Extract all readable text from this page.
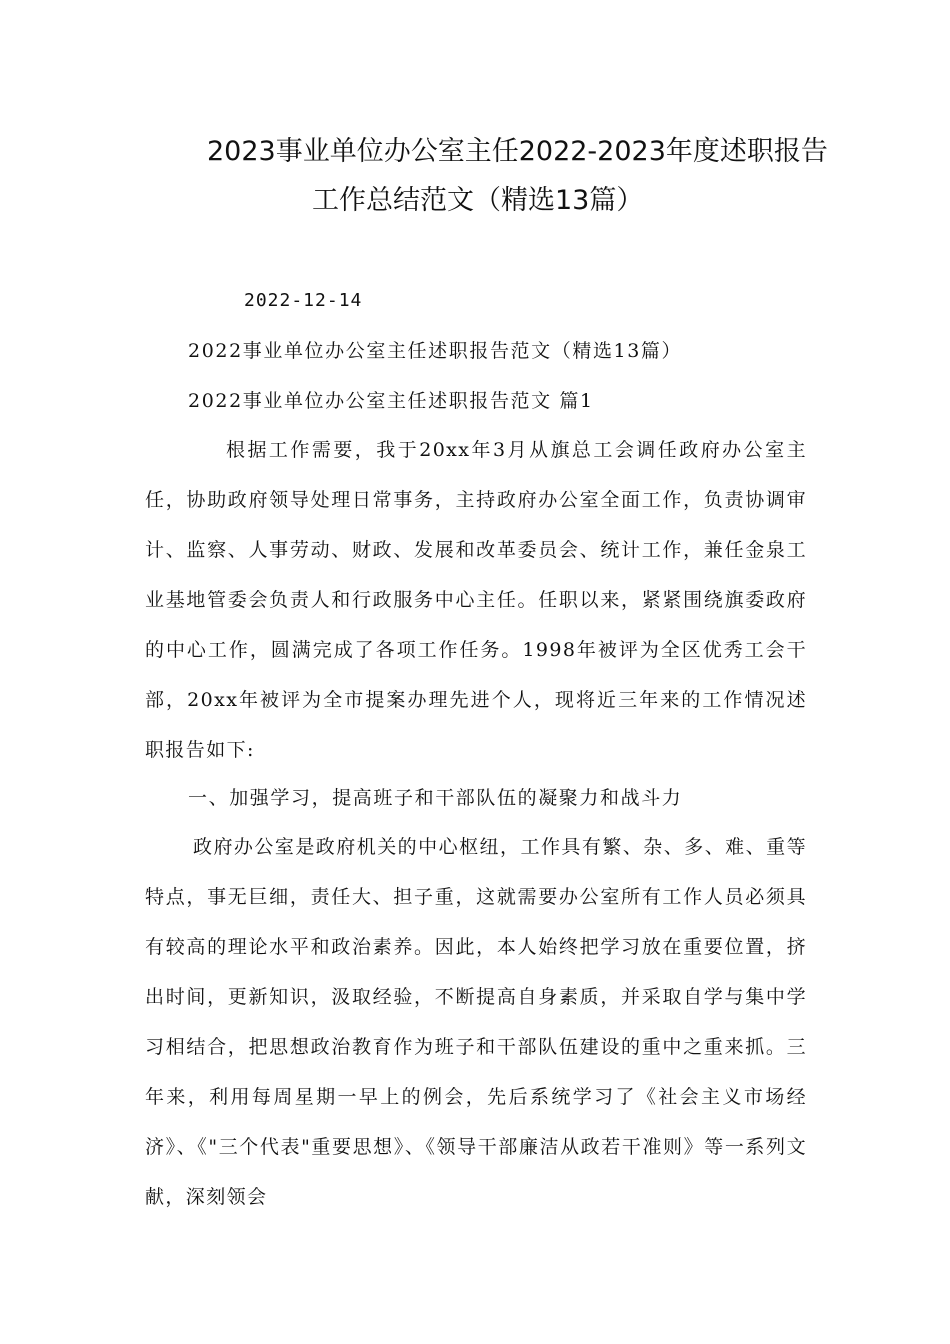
2023事业单位办公室主任2022-2023年度述职报告
工作总结范文（精选13篇）
2022-12-14
2022事业单位办公室主任述职报告范文（精选13篇）
2022事业单位办公室主任述职报告范文 篇1
根据工作需要，我于20xx年3月从旗总工会调任政府办公室主任，协助政府领导处理日常事务，主持政府办公室全面工作，负责协调审计、监察、人事劳动、财政、发展和改革委员会、统计工作，兼任金泉工业基地管委会负责人和行政服务中心主任。任职以来，紧紧围绕旗委政府的中心工作，圆满完成了各项工作任务。1998年被评为全区优秀工会干部，20xx年被评为全市提案办理先进个人，现将近三年来的工作情况述职报告如下:
一、加强学习，提高班子和干部队伍的凝聚力和战斗力
政府办公室是政府机关的中心枢纽，工作具有繁、杂、多、难、重等特点，事无巨细，责任大、担子重，这就需要办公室所有工作人员必须具有较高的理论水平和政治素养。因此，本人始终把学习放在重要位置，挤出时间，更新知识，汲取经验，不断提高自身素质，并采取自学与集中学习相结合，把思想政治教育作为班子和干部队伍建设的重中之重来抓。三年来，利用每周星期一早上的例会，先后系统学习了《社会主义市场经济》、《"三个代表"重要思想》、《领导干部廉洁从政若干准则》等一系列文献，深刻领会
